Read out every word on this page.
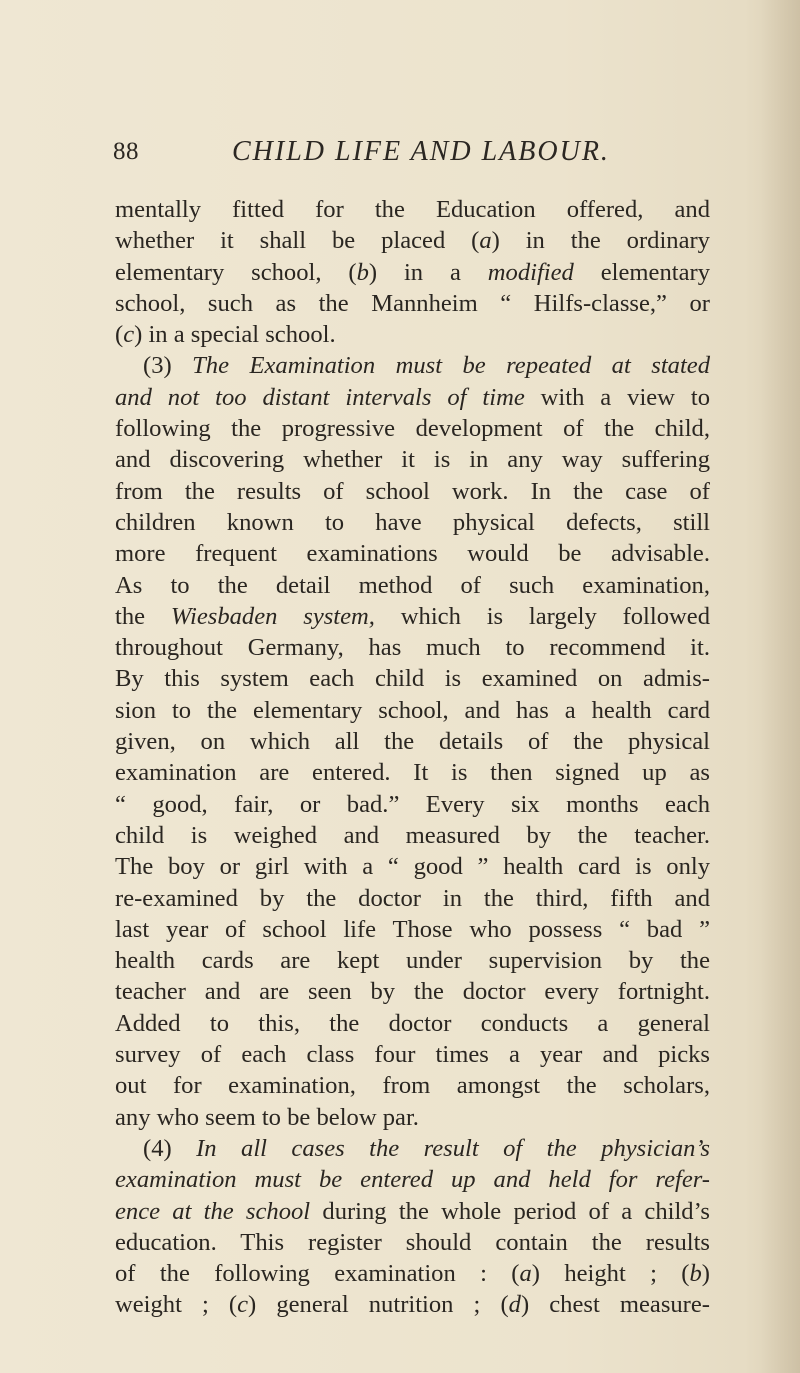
88	CHILD LIFE AND LABOUR.
mentally fitted for the Education offered, and
whether it shall be placed (a) in the ordinary
elementary school, (b) in a modified elementary
school, such as the Mannheim “ Hilfs-classe,” or
(c) in a special school.
(3) The Examination must be repeated at stated
and not too distant intervals of time with a view to
following the progressive development of the child,
and discovering whether it is in any way suffering
from the results of school work. In the case of
children known to have physical defects, still
more frequent examinations would be advisable.
As to the detail method of such examination,
the Wiesbaden system, which is largely followed
throughout Germany, has much to recommend it.
By this system each child is examined on admis-
sion to the elementary school, and has a health card
given, on which all the details of the physical
examination are entered. It is then signed up as
“ good, fair, or bad.” Every six months each
child is weighed and measured by the teacher.
The boy or girl with a “ good ” health card is only
re-examined by the doctor in the third, fifth and
last year of school life Those who possess “ bad ”
health cards are kept under supervision by the
teacher and are seen by the doctor every fortnight.
Added to this, the doctor conducts a general
survey of each class four times a year and picks
out for examination, from amongst the scholars,
any who seem to be below par.
(4) In all cases the result of the physician’s
examination must be entered up and held for refer-
ence at the school during the whole period of a child’s
education. This register should contain the results
of the following examination : (a) height ; (b)
weight ; (c) general nutrition ; (d) chest measure-
